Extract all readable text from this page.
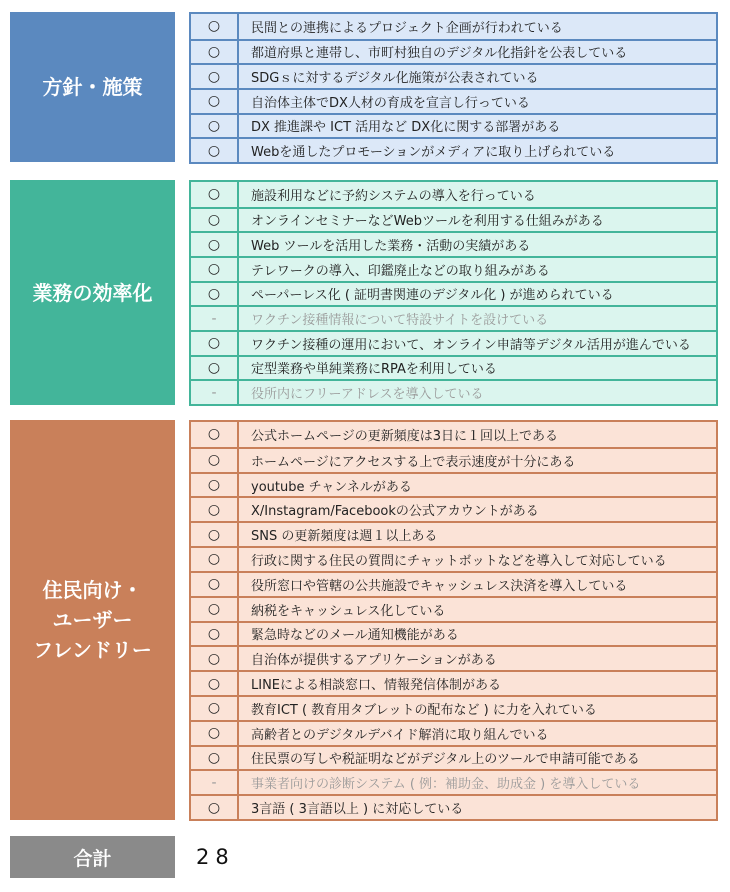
方針・施策
○	民間との連携によるプロジェクト企画が行われている
○	都道府県と連帯し、市町村独自のデジタル化指針を公表している
○	SDGｓに対するデジタル化施策が公表されている
○	自治体主体でDX人材の育成を宣言し行っている
○	DX 推進課や ICT 活用など DX化に関する部署がある
○	Webを通したプロモーションがメディアに取り上げられている
業務の効率化
○	施設利用などに予約システムの導入を行っている
○	オンラインセミナーなどWebツールを利用する仕組みがある
○	Web ツールを活用した業務・活動の実績がある
○	テレワークの導入、印鑑廃止などの取り組みがある
○	ペーパーレス化 ( 証明書関連のデジタル化 ) が進められている
-	ワクチン接種情報について特設サイトを設けている
○	ワクチン接種の運用において、オンライン申請等デジタル活用が進んでいる
○	定型業務や単純業務にRPAを利用している
-	役所内にフリーアドレスを導入している
住民向け・
ユーザー
フレンドリー
○	公式ホームページの更新頻度は3日に１回以上である
○	ホームページにアクセスする上で表示速度が十分にある
○	youtube チャンネルがある
○	X/Instagram/Facebookの公式アカウントがある
○	SNS の更新頻度は週１以上ある
○	行政に関する住民の質問にチャットボットなどを導入して対応している
○	役所窓口や管轄の公共施設でキャッシュレス決済を導入している
○	納税をキャッシュレス化している
○	緊急時などのメール通知機能がある
○	自治体が提供するアプリケーションがある
○	LINEによる相談窓口、情報発信体制がある
○	教育ICT ( 教育用タブレットの配布など ) に力を入れている
○	高齢者とのデジタルデバイド解消に取り組んでいる
○	住民票の写しや税証明などがデジタル上のツールで申請可能である
-	事業者向けの診断システム ( 例：補助金、助成金 ) を導入している
○	3言語 ( 3言語以上 ) に対応している
合計	28
